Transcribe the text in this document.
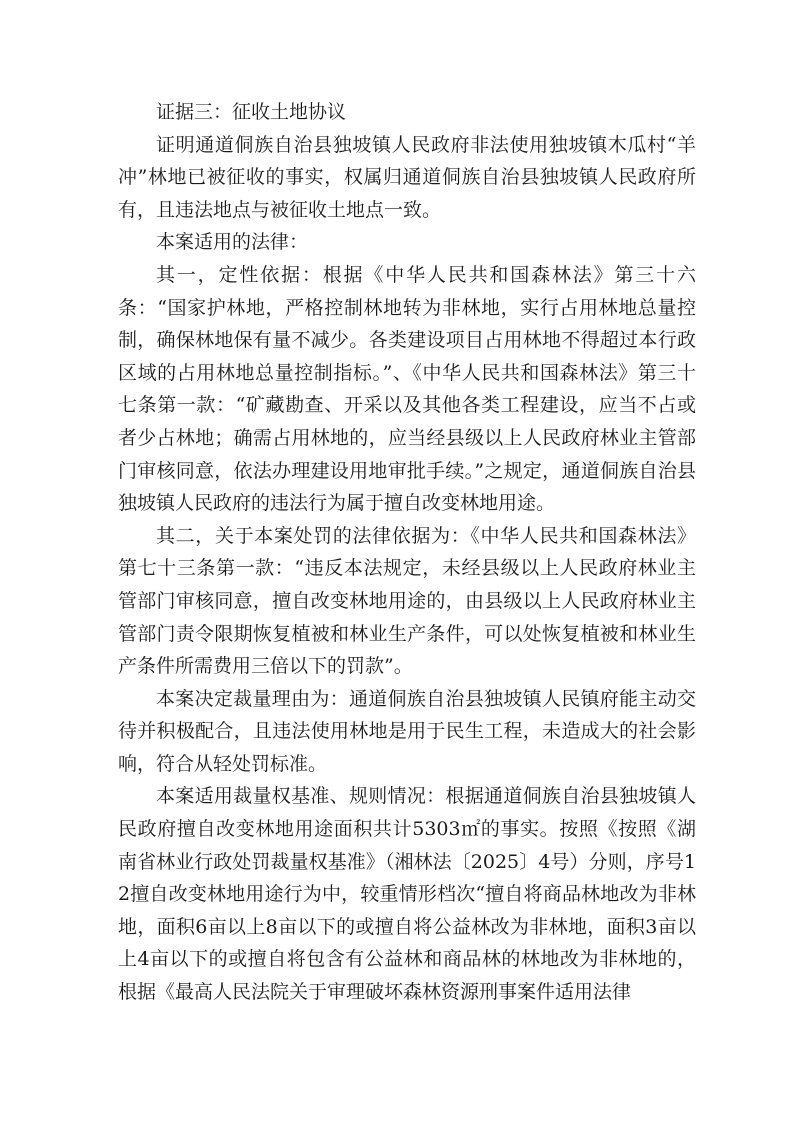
证据三：征收土地协议

证明通道侗族自治县独坡镇人民政府非法使用独坡镇木瓜村“羊冲”林地已被征收的事实，权属归通道侗族自治县独坡镇人民政府所有，且违法地点与被征收土地点一致。

本案适用的法律：

其一，定性依据：根据《中华人民共和国森林法》第三十六条：“国家护林地，严格控制林地转为非林地，实行占用林地总量控制，确保林地保有量不减少。各类建设项目占用林地不得超过本行政区域的占用林地总量控制指标。”、《中华人民共和国森林法》第三十七条第一款：“矿藏勘查、开采以及其他各类工程建设，应当不占或者少占林地；确需占用林地的，应当经县级以上人民政府林业主管部门审核同意，依法办理建设用地审批手续。”之规定，通道侗族自治县独坡镇人民政府的违法行为属于擅自改变林地用途。

其二，关于本案处罚的法律依据为：《中华人民共和国森林法》第七十三条第一款：“违反本法规定，未经县级以上人民政府林业主管部门审核同意，擅自改变林地用途的，由县级以上人民政府林业主管部门责令限期恢复植被和林业生产条件，可以处恢复植被和林业生产条件所需费用三倍以下的罚款”。

本案决定裁量理由为：通道侗族自治县独坡镇人民镇府能主动交待并积极配合，且违法使用林地是用于民生工程，未造成大的社会影响，符合从轻处罚标准。

本案适用裁量权基准、规则情况：根据通道侗族自治县独坡镇人民政府擅自改变林地用途面积共计5303㎡的事实。按照《按照《湖南省林业行政处罚裁量权基准》（湘林法〔2025〕4号）分则，序号12擅自改变林地用途行为中，较重情形档次“擅自将商品林地改为非林地，面积6亩以上8亩以下的或擅自将公益林改为非林地，面积3亩以上4亩以下的或擅自将包含有公益林和商品林的林地改为非林地的，根据《最高人民法院关于审理破坏森林资源刑事案件适用法律
